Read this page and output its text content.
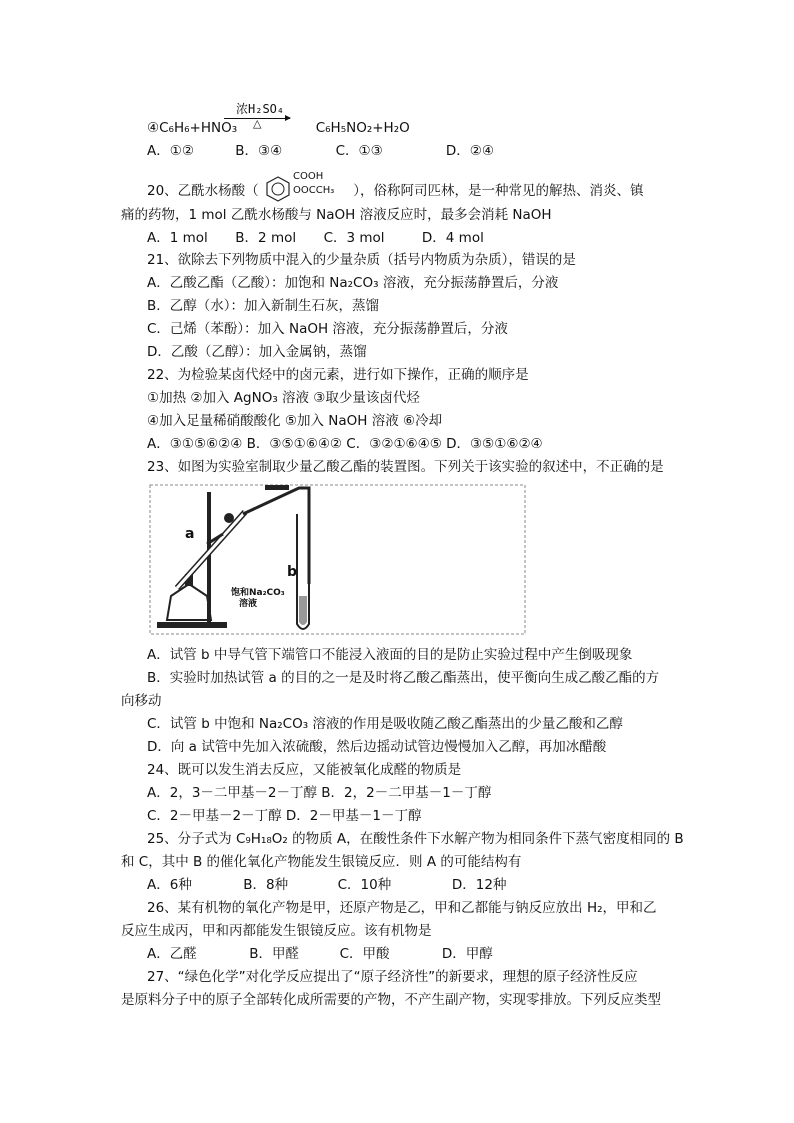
浓H₂SO₄
△
④C₆H₆+HNO₃	C₆H₅NO₂+H₂O
A．①②	B．③④	C．①③	D．②④
20、乙酰水杨酸（
COOH
OOCCH₃ ），俗称阿司匹林，是一种常见的解热、消炎、镇
痛的药物，1 mol 乙酰水杨酸与 NaOH 溶液反应时，最多会消耗 NaOH
A．1 mol B．2 mol C．3 mol	D．4 mol
21、欲除去下列物质中混入的少量杂质（括号内物质为杂质），错误的是
A．乙酸乙酯（乙酸）：加饱和 Na₂CO₃ 溶液，充分振荡静置后，分液
B．乙醇（水）：加入新制生石灰，蒸馏
C．己烯（苯酚）：加入 NaOH 溶液，充分振荡静置后，分液
D．乙酸（乙醇）：加入金属钠，蒸馏
22、为检验某卤代烃中的卤元素，进行如下操作，正确的顺序是
①加热 ②加入 AgNO₃ 溶液 ③取少量该卤代烃
④加入足量稀硝酸酸化 ⑤加入 NaOH 溶液 ⑥冷却
A．③①⑤⑥②④ B．③⑤①⑥④② C．③②①⑥④⑤ D．③⑤①⑥②④
23、如图为实验室制取少量乙酸乙酯的装置图。下列关于该实验的叙述中，不正确的是
a
b
饱和Na₂CO₃
溶液
A．试管 b 中导气管下端管口不能浸入液面的目的是防止实验过程中产生倒吸现象
B．实验时加热试管 a 的目的之一是及时将乙酸乙酯蒸出，使平衡向生成乙酸乙酯的方
向移动
C．试管 b 中饱和 Na₂CO₃ 溶液的作用是吸收随乙酸乙酯蒸出的少量乙酸和乙醇
D．向 a 试管中先加入浓硫酸，然后边摇动试管边慢慢加入乙醇，再加冰醋酸
24、既可以发生消去反应，又能被氧化成醛的物质是
A．2，3－二甲基－2－丁醇 B．2，2－二甲基－1－丁醇
C．2－甲基－2－丁醇 D．2－甲基－1－丁醇
25、分子式为 C₉H₁₈O₂ 的物质 A，在酸性条件下水解产物为相同条件下蒸气密度相同的 B
和 C，其中 B 的催化氧化产物能发生银镜反应．则 A 的可能结构有
A．6种	B．8种	C．10种	D．12种
26、某有机物的氧化产物是甲，还原产物是乙，甲和乙都能与钠反应放出 H₂，甲和乙
反应生成丙，甲和丙都能发生银镜反应。该有机物是
A．乙醛	B．甲醛	C．甲酸	D．甲醇
27、“绿色化学”对化学反应提出了“原子经济性”的新要求，理想的原子经济性反应
是原料分子中的原子全部转化成所需要的产物，不产生副产物，实现零排放。下列反应类型
